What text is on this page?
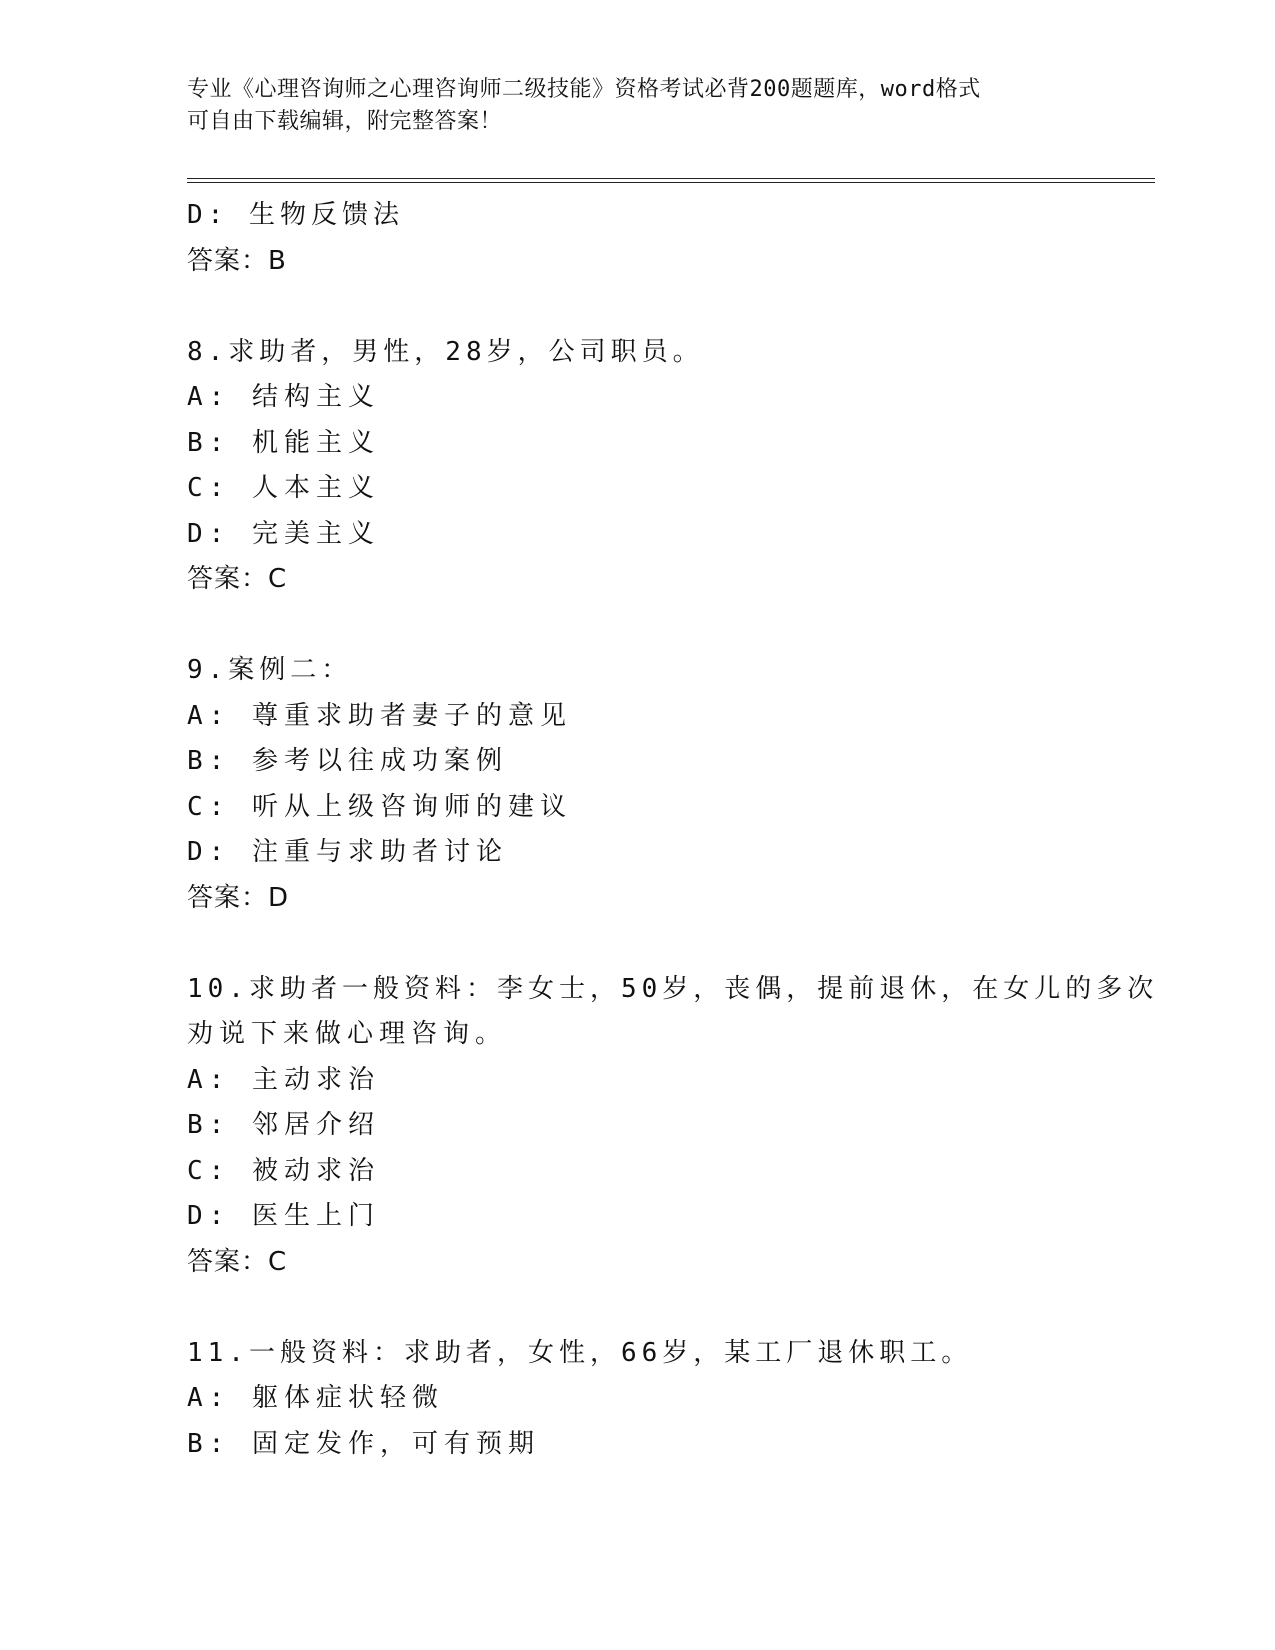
专业《心理咨询师之心理咨询师二级技能》资格考试必背200题题库，word格式
可自由下载编辑，附完整答案！
D: 生物反馈法
答案：B
8.求助者，男性，28岁，公司职员。
A: 结构主义
B: 机能主义
C: 人本主义
D: 完美主义
答案：C
9.案例二：
A: 尊重求助者妻子的意见
B: 参考以往成功案例
C: 听从上级咨询师的建议
D: 注重与求助者讨论
答案：D
10.求助者一般资料：李女士，50岁，丧偶，提前退休，在女儿的多次
劝说下来做心理咨询。
A: 主动求治
B: 邻居介绍
C: 被动求治
D: 医生上门
答案：C
11.一般资料：求助者，女性，66岁，某工厂退休职工。
A: 躯体症状轻微
B: 固定发作，可有预期
